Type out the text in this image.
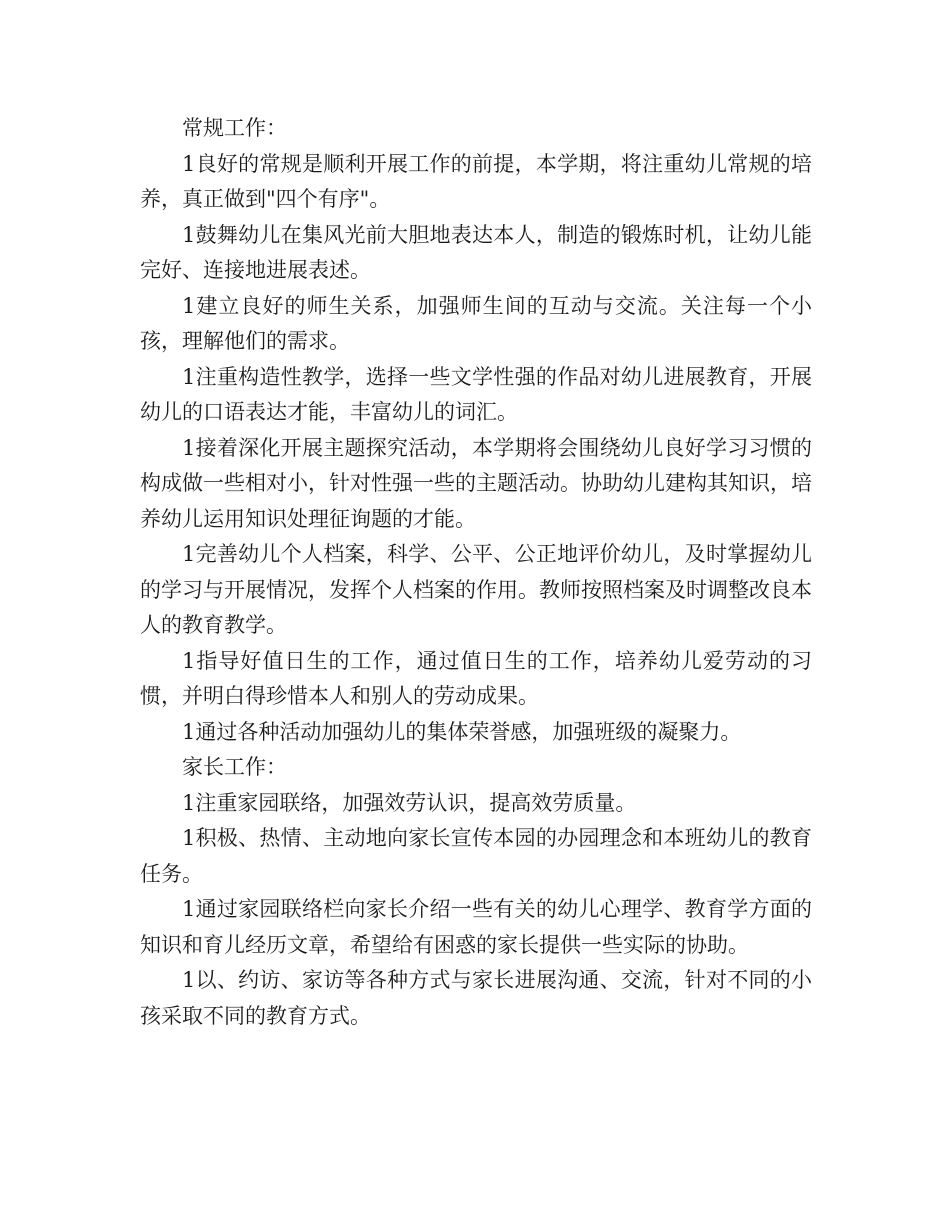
常规工作：

1良好的常规是顺利开展工作的前提，本学期，将注重幼儿常规的培养，真正做到"四个有序"。

1鼓舞幼儿在集风光前大胆地表达本人，制造的锻炼时机，让幼儿能完好、连接地进展表述。

1建立良好的师生关系，加强师生间的互动与交流。关注每一个小孩，理解他们的需求。

1注重构造性教学，选择一些文学性强的作品对幼儿进展教育，开展幼儿的口语表达才能，丰富幼儿的词汇。

1接着深化开展主题探究活动，本学期将会围绕幼儿良好学习习惯的构成做一些相对小，针对性强一些的主题活动。协助幼儿建构其知识，培养幼儿运用知识处理征询题的才能。

1完善幼儿个人档案，科学、公平、公正地评价幼儿，及时掌握幼儿的学习与开展情况，发挥个人档案的作用。教师按照档案及时调整改良本人的教育教学。

1指导好值日生的工作，通过值日生的工作，培养幼儿爱劳动的习惯，并明白得珍惜本人和别人的劳动成果。

1通过各种活动加强幼儿的集体荣誉感，加强班级的凝聚力。

家长工作：

1注重家园联络，加强效劳认识，提高效劳质量。

1积极、热情、主动地向家长宣传本园的办园理念和本班幼儿的教育任务。

1通过家园联络栏向家长介绍一些有关的幼儿心理学、教育学方面的知识和育儿经历文章，希望给有困惑的家长提供一些实际的协助。

1以、约访、家访等各种方式与家长进展沟通、交流，针对不同的小孩采取不同的教育方式。
